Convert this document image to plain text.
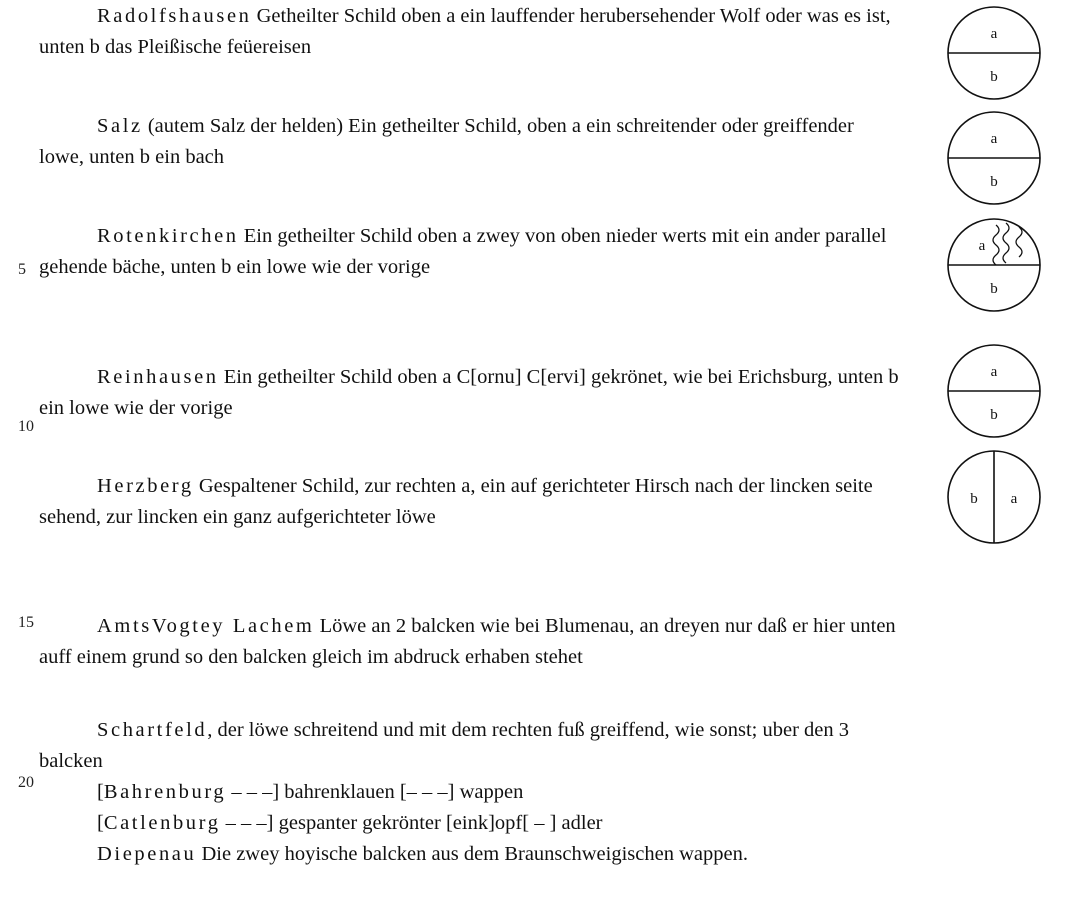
5
10
15
20

Radolfshausen Getheilter Schild oben a ein lauffender herubersehender Wolf oder was es ist, unten b das Pleißische feüereisen

Salz (autem Salz der helden) Ein getheilter Schild, oben a ein schreitender oder greiffender lowe, unten b ein bach

Rotenkirchen Ein getheilter Schild oben a zwey von oben nieder werts mit ein ander parallel gehende bäche, unten b ein lowe wie der vorige

Reinhausen Ein getheilter Schild oben a C[ornu] C[ervi] gekrönet, wie bei Erichsburg, unten b ein lowe wie der vorige

Herzberg Gespaltener Schild, zur rechten a, ein auf gerichteter Hirsch nach der lincken seite sehend, zur lincken ein ganz aufgerichteter löwe

AmtsVogtey Lachem Löwe an 2 balcken wie bei Blumenau, an dreyen nur daß er hier unten auff einem grund so den balcken gleich im abdruck erhaben stehet

Schartfeld, der löwe schreitend und mit dem rechten fuß greiffend, wie sonst; uber den 3 balcken

[Bahrenburg – – –] bahrenklauen [– – –] wappen
[Catlenburg – – –] gespanter gekrönter [eink]opf[ – ] adler

Diepenau Die zwey hoyische balcken aus dem Braunschweigischen wappen.

a
b
a
b
a
b
a
b
b a
